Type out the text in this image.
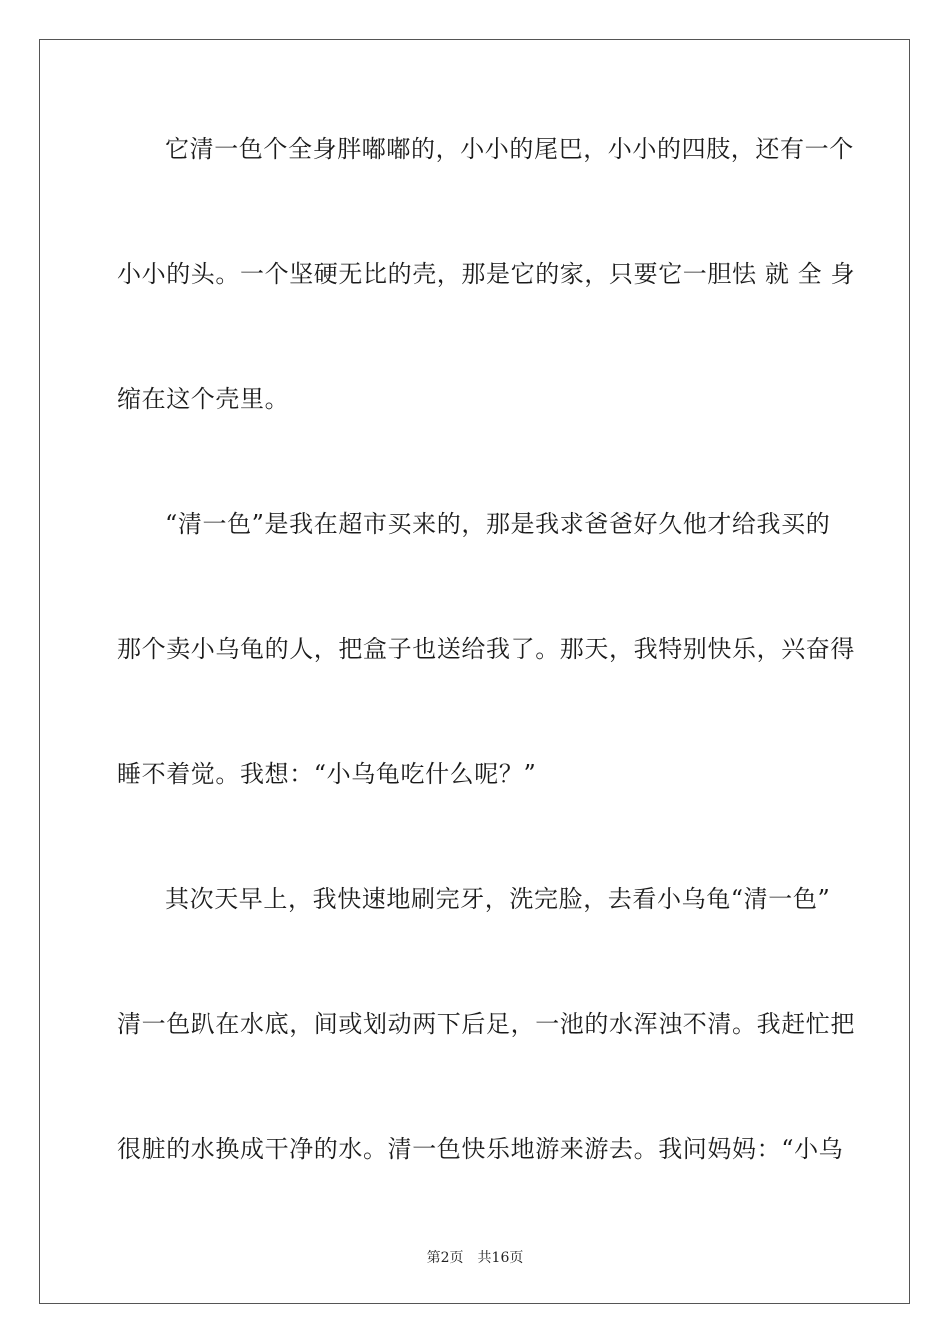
它清一色个全身胖嘟嘟的，小小的尾巴，小小的四肢，还有一个
小小的头。一个坚硬无比的壳，那是它的家，只要它一胆怯 就 全 身
缩在这个壳里。
“清一色”是我在超市买来的，那是我求爸爸好久他才给我买的
那个卖小乌龟的人，把盒子也送给我了。那天，我特别快乐，兴奋得
睡不着觉。我想：“小乌龟吃什么呢？”
其次天早上，我快速地刷完牙，洗完脸，去看小乌龟“清一色”
清一色趴在水底，间或划动两下后足，一池的水浑浊不清。我赶忙把
很脏的水换成干净的水。清一色快乐地游来游去。我问妈妈：“小乌
第2页 共16页
